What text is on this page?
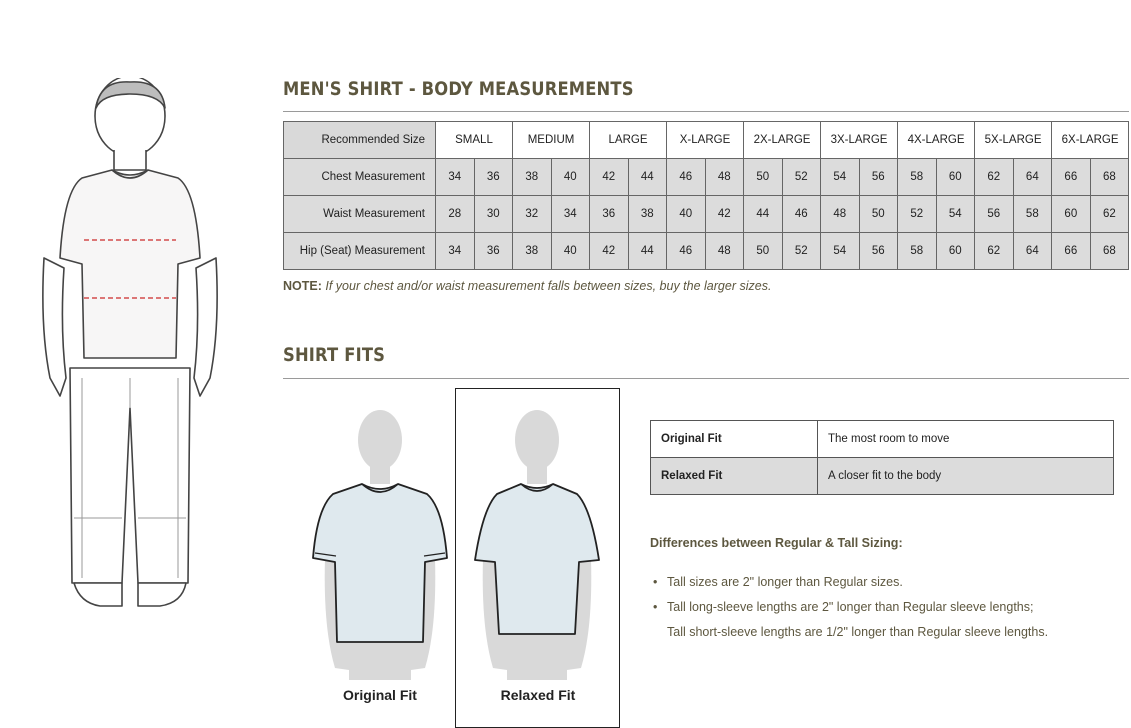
MEN'S SHIRT - BODY MEASUREMENTS
Recommended Size	SMALL		MEDIUM		LARGE		X-LARGE		2X-LARGE		3X-LARGE		4X-LARGE		5X-LARGE		6X-LARGE	
Chest Measurement	34	36	38	40	42	44	46	48	50	52	54	56	58	60	62	64	66	68
Waist Measurement	28	30	32	34	36	38	40	42	44	46	48	50	52	54	56	58	60	62
Hip (Seat) Measurement	34	36	38	40	42	44	46	48	50	52	54	56	58	60	62	64	66	68
NOTE: If your chest and/or waist measurement falls between sizes, buy the larger sizes.
SHIRT FITS
Original Fit	Relaxed Fit
Original Fit	The most room to move
Relaxed Fit	A closer fit to the body
Differences between Regular & Tall Sizing:
• Tall sizes are 2" longer than Regular sizes.
• Tall long-sleeve lengths are 2" longer than Regular sleeve lengths;
Tall short-sleeve lengths are 1/2" longer than Regular sleeve lengths.
